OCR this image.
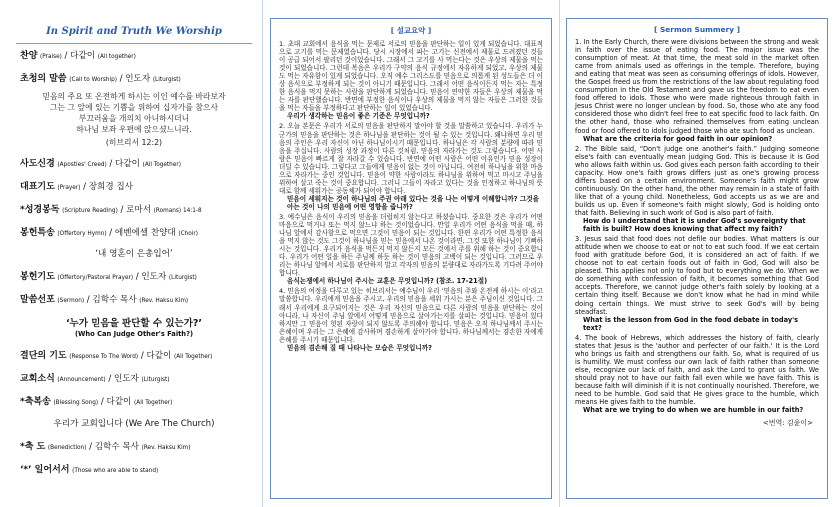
In Spirit and Truth We Worship
찬양 (Praise) / 다같이 (All together)
초청의 말씀 (Call to Worship) / 인도자 (Liturgist)
믿음의 주요 또 온전하게 하시는 이인 예수를 바라보자
그는 그 앞에 있는 기쁨을 위하여 십자가를 참으사
부끄러움을 개의치 아니하시더니
하나님 보좌 우편에 앉으셨느니라.
(히브리서 12:2)
사도신경 (Apostles' Creed) / 다같이 (All Together)
대표기도 (Prayer) / 장희경 집사
*성경봉독 (Scripture Reading) / 로마서 (Romans) 14:1-8
봉헌특송 (Offertory Hymn) / 에벤에셀 찬양대 (Choir)
‘내 영혼이 은총입어’
봉헌기도 (Offertory/Pastoral Prayer) / 인도자 (Liturgist)
말씀선포 (Sermon) / 김학수 목사 (Rev. Haksu Kim)
‘누가 믿음을 판단할 수 있는가?’
(Who Can Judge Other's Faith?)
결단의 기도 (Response To The Word) / 다같이 (All Together)
교회소식 (Announcement) / 인도자 (Liturgist)
*축복송 (Blessing Song) / 다같이 (All Together)
우리가 교회입니다 (We Are The Church)
*축 도 (Benediction) / 김학수 목사 (Rev. Haksu Kim)
‘*’ 일어서서 (Those who are able to stand)
[ 설교요약 ]
1. 초대 교회에서 음식을 먹는 문제로 서로의 믿음을 판단하는 일이 있게 되었습니다. 대표적으로 고기를 먹는 문제였습니다. 당시 시장에서 파는 고기는 신전에서 제물로 드려졌던 것들이 공급 되어서 팔리던 것이었습니다. 그래서 그 고기를 사 먹는다는 것은 우상의 제물을 먹는 것이 되었습니다. 그런데 복음은 우리가 구약의 음식 규정에서 자유하게 되었고, 우상의 제물도 먹는 자유함이 있게 되었습니다. 오직 예수 그리스도를 믿음으로 의롭게 된 성도들은 더 이상 음식으로 부정하게 되는 것이 아니기 때문입니다. 그래서 어떤 음식이든지 먹는 자는 특정한 음식을 먹지 못하는 사람을 판단하게 되었습니다. 믿음이 연약한 자들은 우상의 제물을 먹는 자를 판단했습니다. 반면에 부정한 음식이나 우상의 제물을 먹지 않는 자들은 그러한 것들을 먹는 자들을 부정하다고 판단하는 일이 있었습니다.
우리가 생각하는 믿음이 좋은 기준은 무엇입니까?
2. 오늘 본문은 우리가 서로의 믿음을 판단하지 말아야 할 것을 말씀하고 있습니다. 우리가 누군가의 믿음을 판단하는 것은 하나님을 판단하는 것이 될 수 있는 것입니다. 왜냐하면 우리 믿음의 주인은 우리 자신이 아닌 하나님이시기 때문입니다. 하나님은 각 사람의 분량에 따라 믿음을 주십니다. 사람의 성장 과정이 다른 것처럼, 믿음의 자라가는 것도 그렇습니다. 어떤 사람은 믿음이 빠르게 잘 자라갈 수 있습니다. 반면에 어떤 사람은 어떤 이유인가 믿음 성장이 더딜 수 있습니다. 그렇다고 그들에게 믿음이 없는 것이 아닙니다. 여전히 하나님을 위한 마음으로 자라가는 중인 것입니다. 믿음이 약한 사람이라도 하나님을 위하여 먹고 마시고 주님을 위하여 살고 죽는 것이 중요합니다. 그러니 그들이 자라고 있다는 것을 인정하고 하나님의 뜻대로 함께 세워가는 공동체가 되어야 합니다.
믿음이 세워지는 것이 하나님의 주권 아래 있다는 것을 나는 어떻게 이해합니까? 그것을 아는 것이 나의 믿음에 어떤 영향을 줍니까?
3. 예수님은 음식이 우리의 믿음을 더럽히지 않는다고 하셨습니다. 중요한 것은 우리가 어떤 마음으로 먹거나 또는 먹지 않느냐 하는 것이었습니다. 만일 우리가 어떤 음식을 먹을 때, 하나님 앞에서 감사함으로 먹으면 그것이 믿음이 되는 것입니다. 한편 우리가 어떤 특정한 음식을 먹지 않는 것도 그것이 하나님을 믿는 믿음에서 나온 것이라면, 그것 또한 하나님이 기뻐하시는 것입니다. 우리가 음식을 먹든지 먹지 않든지 모든 것에서 주를 위해 하는 것이 중요합니다. 우리가 어떤 일을 하든 주님께 하듯 하는 것이 믿음의 고백이 되는 것입니다. 그러므로 우리는 하나님 앞에서 서로를 판단하지 말고 각자의 믿음의 분량대로 자라가도록 기다려 주어야 합니다.
음식논쟁에서 하나님이 주시는 교훈은 무엇입니까? (참조. 17-21절)
4. 믿음의 여정을 다루고 있는 히브리서는 예수님이 우리 ‘믿음의 주와 온전케 하시는 이’라고 말씀합니다. 우리에게 믿음을 주시고, 우리의 믿음을 세워 가시는 분은 주님이신 것입니다. 그래서 우리에게 요구되어지는 것은 우리 자신의 믿음으로 다른 사람의 믿음을 판단하는 것이 아니라, 나 자신이 주님 앞에서 어떻게 믿음으로 살아가는지를 살피는 것입니다. 믿음이 있다 하지만 그 믿음이 헛된 자랑이 되지 않도록 주의해야 합니다. 믿음은 오직 하나님께서 주시는 은혜이며 우리는 그 은혜에 감사하며 겸손하게 살아가야 합니다. 하나님께서는 겸손한 자에게 은혜를 주시기 때문입니다.
믿음의 겸손해 질 때 나타나는 모습은 무엇입니까?
[ Sermon Summery ]
1. In the Early Church, there were divisions between the strong and weak in faith over the issue of eating food. The major issue was the consumption of meat. At that time, the meat sold in the market often came from animals used as offerings in the temple. Therefore, buying and eating that meat was seen as consuming offerings of idols. However, the Gospel freed us from the restrictions of the law about regulating food consumption in the Old Testament and gave us the freedom to eat even food offered to idols. Those who were made righteous through faith in Jesus Christ were no longer unclean by food. So, those who ate any food considered those who didn't feel free to eat specific food to lack faith. On the other hand, those who refrained themselves from eating unclean food or food offered to idols judged those who ate such food as unclean.
What are the criteria for good faith in our opinion?
2. The Bible said, “Don't judge one another's faith.” Judging someone else's faith can eventually mean judging God. This is because it is God who allows faith within us. God gives each person faith according to their capacity. How one's faith grows differs just as one's growing process differs based on a certain environment. Someone's faith might grow continuously. On the other hand, the other may remain in a state of faith like that of a young child. Nonetheless, God accepts us as we are and builds us up. Even if someone's faith might slowly, God is holding onto that faith. Believing in such work of God is also part of faith.
How do I understand that it is under God's sovereignty that faith is built? How does knowing that affect my faith?
3. Jesus said that food does not defile our bodies. What matters is our attitude when we choose to eat or not to eat such food. If we eat certain food with gratitude before God, it is considered an act of faith. If we choose not to eat certain foods out of faith in God, God will also be pleased. This applies not only to food but to everything we do. When we do something with confession of faith, it becomes something that God accepts. Therefore, we cannot judge other's faith solely by looking at a certain thing itself. Because we don't know what he had in mind while doing certain things. We must strive to seek God's will by being steadfast.
What is the lesson from God in the food debate in today's text?
4. The book of Hebrews, which addresses the history of faith, clearly states that Jesus is the 'author and perfecter of our faith.' It is the Lord who brings us faith and strengthens our faith. So, what is required of us is humility. We must confess our own lack of faith rather than someone else, recognize our lack of faith, and ask the Lord to grant us faith. We should pray not to have our faith fall even while we have faith. This is because faith will diminish if it is not continually nourished. Therefore, we need to be humble. God said that He gives grace to the humble, which means He gives faith to the humble.
What are we trying to do when we are humble in our faith?
<번역: 김윤이>
